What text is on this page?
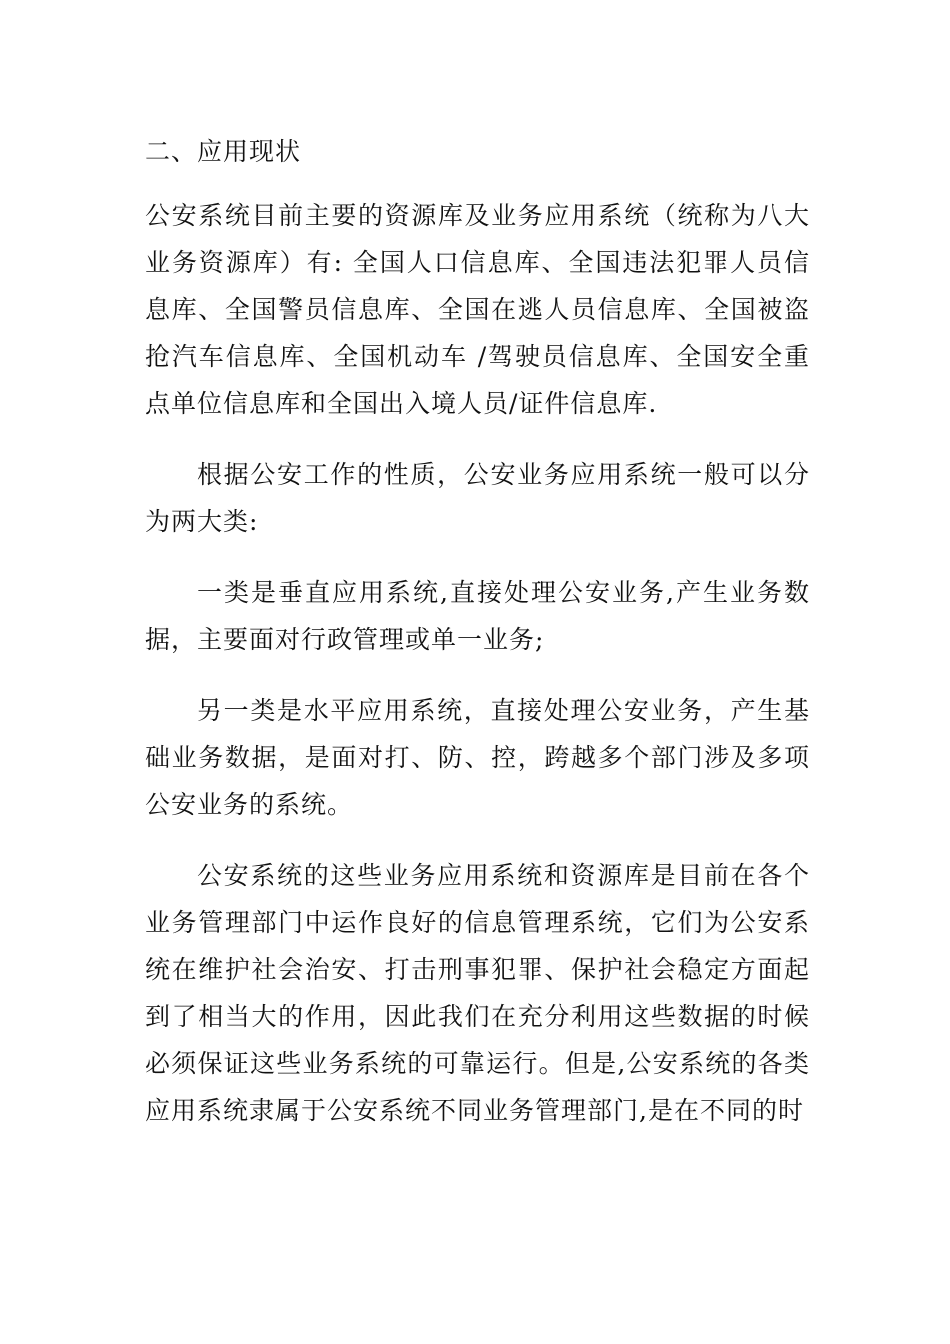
二、应用现状

公安系统目前主要的资源库及业务应用系统（统称为八大业务资源库）有: 全国人口信息库、全国违法犯罪人员信息库、全国警员信息库、全国在逃人员信息库、全国被盗抢汽车信息库、全国机动车 /驾驶员信息库、全国安全重点单位信息库和全国出入境人员/证件信息库.

根据公安工作的性质，公安业务应用系统一般可以分为两大类:

一类是垂直应用系统,直接处理公安业务,产生业务数据，主要面对行政管理或单一业务;

另一类是水平应用系统，直接处理公安业务，产生基础业务数据，是面对打、防、控，跨越多个部门涉及多项公安业务的系统。

公安系统的这些业务应用系统和资源库是目前在各个业务管理部门中运作良好的信息管理系统，它们为公安系统在维护社会治安、打击刑事犯罪、保护社会稳定方面起到了相当大的作用，因此我们在充分利用这些数据的时候必须保证这些业务系统的可靠运行。但是,公安系统的各类应用系统隶属于公安系统不同业务管理部门,是在不同的时
